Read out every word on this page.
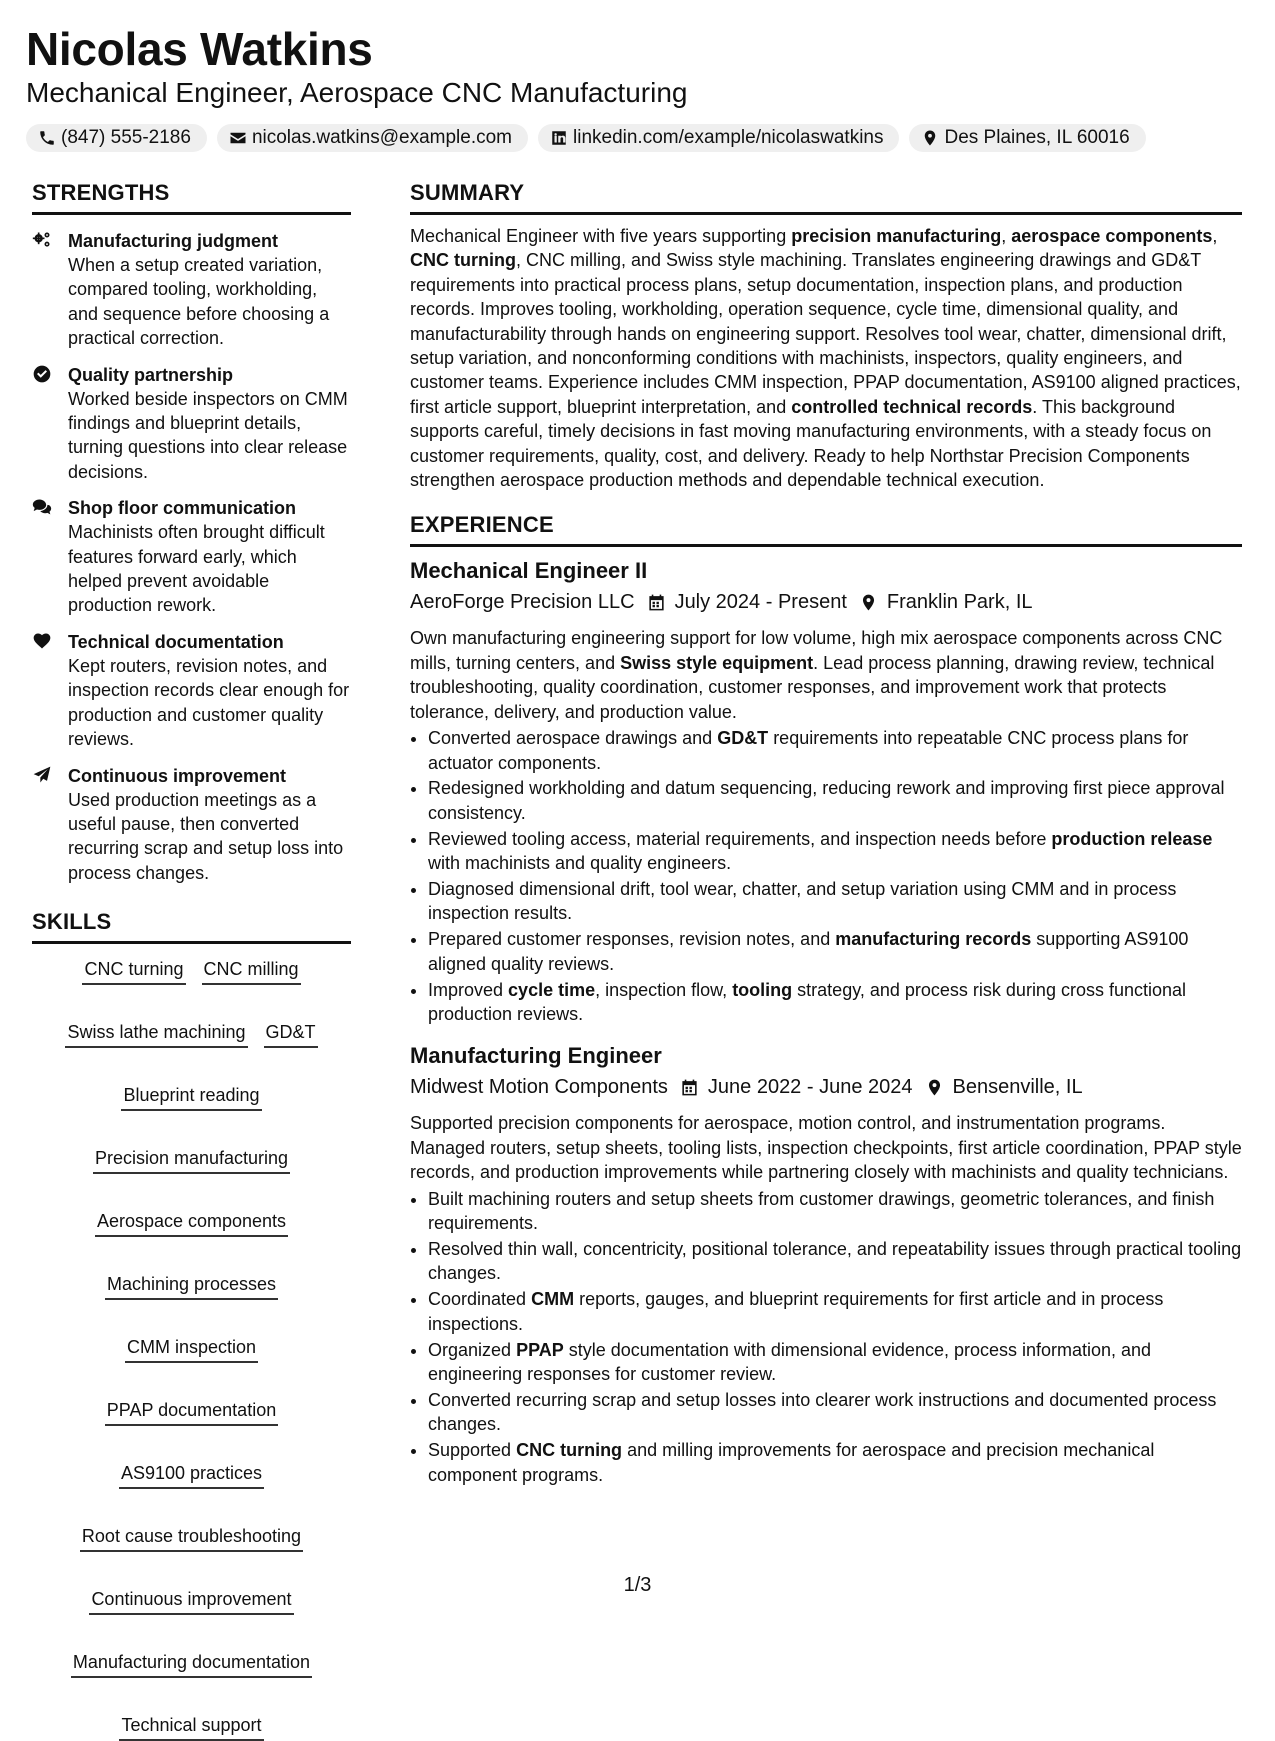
Nicolas Watkins
Mechanical Engineer, Aerospace CNC Manufacturing
(847) 555-2186	nicolas.watkins@example.com	linkedin.com/example/nicolaswatkins	Des Plaines, IL 60016
STRENGTHS
Manufacturing judgment
When a setup created variation, compared tooling, workholding, and sequence before choosing a practical correction.
Quality partnership
Worked beside inspectors on CMM findings and blueprint details, turning questions into clear release decisions.
Shop floor communication
Machinists often brought difficult features forward early, which helped prevent avoidable production rework.
Technical documentation
Kept routers, revision notes, and inspection records clear enough for production and customer quality reviews.
Continuous improvement
Used production meetings as a useful pause, then converted recurring scrap and setup loss into process changes.
SKILLS
CNC turning CNC milling
Swiss lathe machining GD&T
Blueprint reading
Precision manufacturing
Aerospace components
Machining processes
CMM inspection
PPAP documentation
AS9100 practices
Root cause troubleshooting
Continuous improvement
Manufacturing documentation
Technical support
SUMMARY
Mechanical Engineer with five years supporting precision manufacturing, aerospace components, CNC turning, CNC milling, and Swiss style machining. Translates engineering drawings and GD&T requirements into practical process plans, setup documentation, inspection plans, and production records. Improves tooling, workholding, operation sequence, cycle time, dimensional quality, and manufacturability through hands on engineering support. Resolves tool wear, chatter, dimensional drift, setup variation, and nonconforming conditions with machinists, inspectors, quality engineers, and customer teams. Experience includes CMM inspection, PPAP documentation, AS9100 aligned practices, first article support, blueprint interpretation, and controlled technical records. This background supports careful, timely decisions in fast moving manufacturing environments, with a steady focus on customer requirements, quality, cost, and delivery. Ready to help Northstar Precision Components strengthen aerospace production methods and dependable technical execution.
EXPERIENCE
Mechanical Engineer II
AeroForge Precision LLC July 2024 - Present Franklin Park, IL
Own manufacturing engineering support for low volume, high mix aerospace components across CNC mills, turning centers, and Swiss style equipment. Lead process planning, drawing review, technical troubleshooting, quality coordination, customer responses, and improvement work that protects tolerance, delivery, and production value.
• Converted aerospace drawings and GD&T requirements into repeatable CNC process plans for actuator components.
• Redesigned workholding and datum sequencing, reducing rework and improving first piece approval consistency.
• Reviewed tooling access, material requirements, and inspection needs before production release with machinists and quality engineers.
• Diagnosed dimensional drift, tool wear, chatter, and setup variation using CMM and in process inspection results.
• Prepared customer responses, revision notes, and manufacturing records supporting AS9100 aligned quality reviews.
• Improved cycle time, inspection flow, tooling strategy, and process risk during cross functional production reviews.
Manufacturing Engineer
Midwest Motion Components June 2022 - June 2024 Bensenville, IL
Supported precision components for aerospace, motion control, and instrumentation programs. Managed routers, setup sheets, tooling lists, inspection checkpoints, first article coordination, PPAP style records, and production improvements while partnering closely with machinists and quality technicians.
• Built machining routers and setup sheets from customer drawings, geometric tolerances, and finish requirements.
• Resolved thin wall, concentricity, positional tolerance, and repeatability issues through practical tooling changes.
• Coordinated CMM reports, gauges, and blueprint requirements for first article and in process inspections.
• Organized PPAP style documentation with dimensional evidence, process information, and engineering responses for customer review.
• Converted recurring scrap and setup losses into clearer work instructions and documented process changes.
• Supported CNC turning and milling improvements for aerospace and precision mechanical component programs.
1/3
